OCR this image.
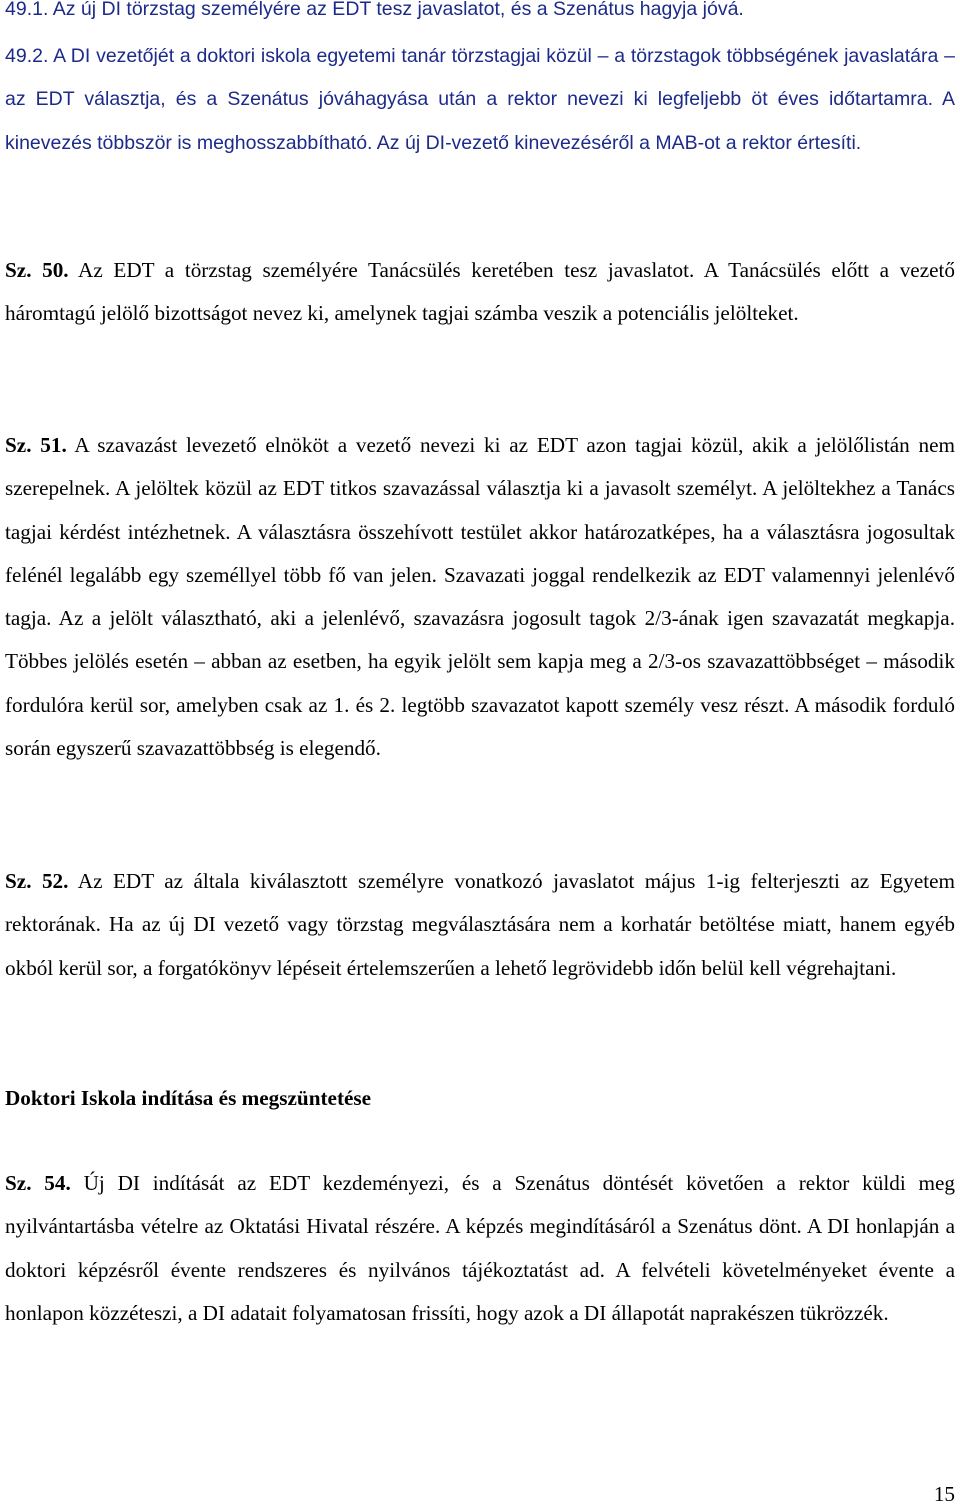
49.1. Az új DI törzstag személyére az EDT tesz javaslatot, és a Szenátus hagyja jóvá.

49.2. A DI vezetőjét a doktori iskola egyetemi tanár törzstagjai közül – a törzstagok többségének javaslatára – az EDT választja, és a Szenátus jóváhagyása után a rektor nevezi ki legfeljebb öt éves időtartamra. A kinevezés többször is meghosszabbítható. Az új DI-vezető kinevezéséről a MAB-ot a rektor értesíti.

Sz. 50. Az EDT a törzstag személyére Tanácsülés keretében tesz javaslatot. A Tanácsülés előtt a vezető háromtagú jelölő bizottságot nevez ki, amelynek tagjai számba veszik a potenciális jelölteket.

Sz. 51. A szavazást levezető elnököt a vezető nevezi ki az EDT azon tagjai közül, akik a jelölőlistán nem szerepelnek. A jelöltek közül az EDT titkos szavazással választja ki a javasolt személyt. A jelöltekhez a Tanács tagjai kérdést intézhetnek. A választásra összehívott testület akkor határozatképes, ha a választásra jogosultak felénél legalább egy személlyel több fő van jelen. Szavazati joggal rendelkezik az EDT valamennyi jelenlévő tagja. Az a jelölt választható, aki a jelenlévő, szavazásra jogosult tagok 2/3-ának igen szavazatát megkapja. Többes jelölés esetén – abban az esetben, ha egyik jelölt sem kapja meg a 2/3-os szavazattöbbséget – második fordulóra kerül sor, amelyben csak az 1. és 2. legtöbb szavazatot kapott személy vesz részt. A második forduló során egyszerű szavazattöbbség is elegendő.

Sz. 52. Az EDT az általa kiválasztott személyre vonatkozó javaslatot május 1-ig felterjeszti az Egyetem rektorának. Ha az új DI vezető vagy törzstag megválasztására nem a korhatár betöltése miatt, hanem egyéb okból kerül sor, a forgatókönyv lépéseit értelemszerűen a lehető legrövidebb időn belül kell végrehajtani.

Doktori Iskola indítása és megszüntetése

Sz. 54. Új DI indítását az EDT kezdeményezi, és a Szenátus döntését követően a rektor küldi meg nyilvántartásba vételre az Oktatási Hivatal részére. A képzés megindításáról a Szenátus dönt. A DI honlapján a doktori képzésről évente rendszeres és nyilvános tájékoztatást ad. A felvételi követelményeket évente a honlapon közzéteszi, a DI adatait folyamatosan frissíti, hogy azok a DI állapotát naprakészen tükrözzék.

15
